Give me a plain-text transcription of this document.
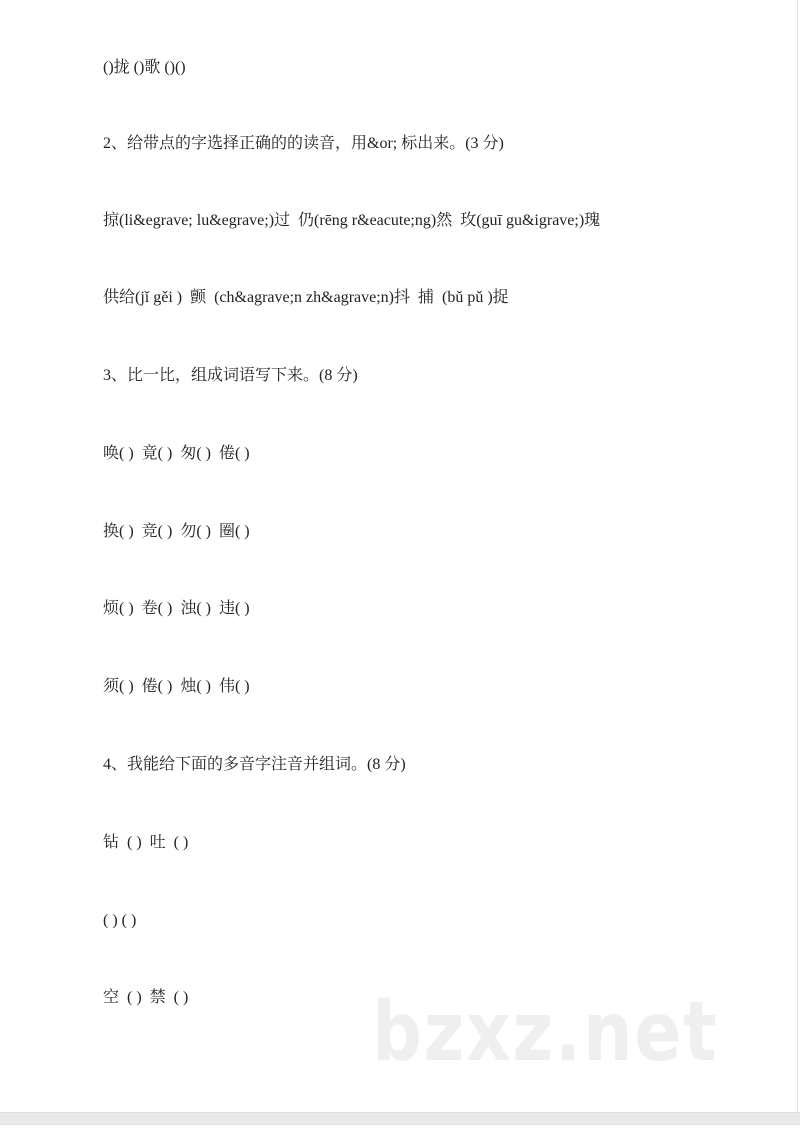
()拢 ()歌 ()()
2、给带点的字选择正确的的读音，用&or; 标出来。(3 分)
掠(li&egrave; lu&egrave;)过  仍(rēng r&eacute;ng)然  玫(guī gu&igrave;)瑰
供给(jǐ gěi )  颤  (ch&agrave;n zh&agrave;n)抖  捕  (bǔ pǔ )捉
3、比一比，组成词语写下来。(8 分)
唤( )  竟( )  匆( )  倦( )
换( )  竞( )  勿( )  圈( )
烦( )  卷( )  浊( )  违( )
须( )  倦( )  烛( )  伟( )
4、我能给下面的多音字注音并组词。(8 分)
钻  ( )  吐  ( )
( ) ( )
空  ( )  禁  ( ) bzxz.net
